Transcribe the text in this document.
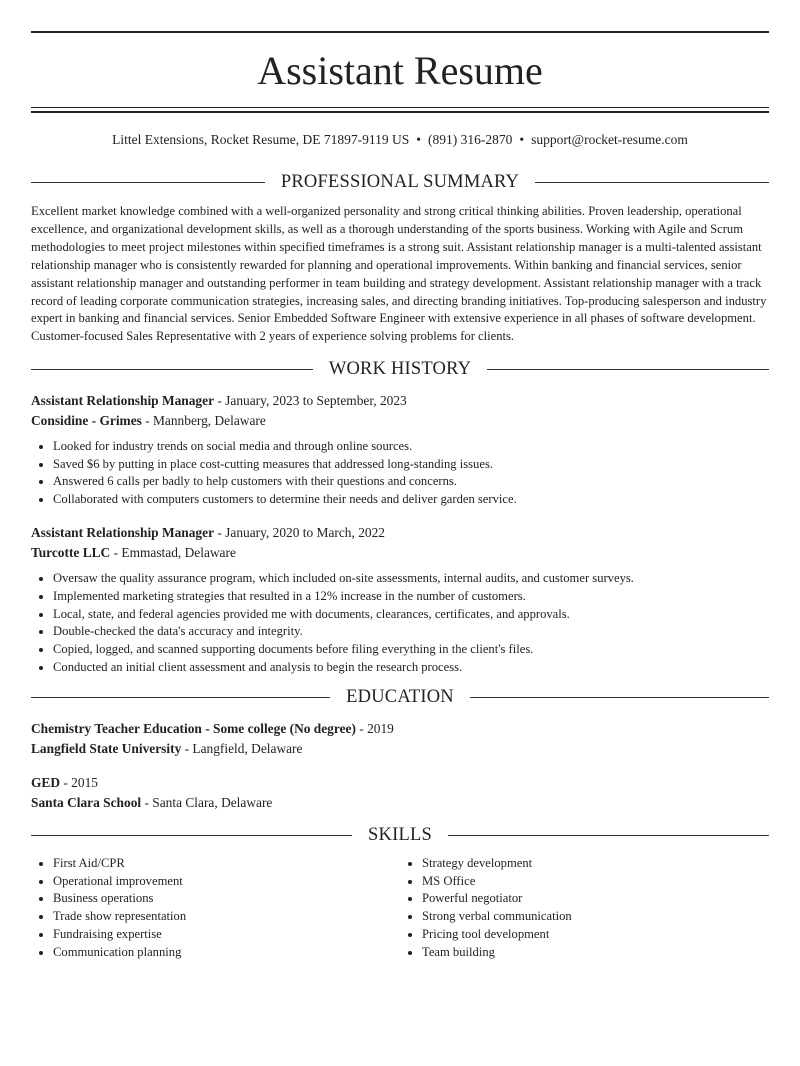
Assistant Resume
Littel Extensions, Rocket Resume, DE 71897-9119 US • (891) 316-2870 • support@rocket-resume.com
PROFESSIONAL SUMMARY

Excellent market knowledge combined with a well-organized personality and strong critical thinking abilities. Proven leadership, operational excellence, and organizational development skills, as well as a thorough understanding of the sports business. Working with Agile and Scrum methodologies to meet project milestones within specified timeframes is a strong suit. Assistant relationship manager is a multi-talented assistant relationship manager who is consistently rewarded for planning and operational improvements. Within banking and financial services, senior assistant relationship manager and outstanding performer in team building and strategy development. Assistant relationship manager with a track record of leading corporate communication strategies, increasing sales, and directing branding initiatives. Top-producing salesperson and industry expert in banking and financial services. Senior Embedded Software Engineer with extensive experience in all phases of software development. Customer-focused Sales Representative with 2 years of experience solving problems for clients.

WORK HISTORY
Assistant Relationship Manager - January, 2023 to September, 2023
Considine - Grimes - Mannberg, Delaware
• Looked for industry trends on social media and through online sources.
• Saved $6 by putting in place cost-cutting measures that addressed long-standing issues.
• Answered 6 calls per badly to help customers with their questions and concerns.
• Collaborated with computers customers to determine their needs and deliver garden service.
Assistant Relationship Manager - January, 2020 to March, 2022
Turcotte LLC - Emmastad, Delaware
• Oversaw the quality assurance program, which included on-site assessments, internal audits, and customer surveys.
• Implemented marketing strategies that resulted in a 12% increase in the number of customers.
• Local, state, and federal agencies provided me with documents, clearances, certificates, and approvals.
• Double-checked the data's accuracy and integrity.
• Copied, logged, and scanned supporting documents before filing everything in the client's files.
• Conducted an initial client assessment and analysis to begin the research process.
EDUCATION
Chemistry Teacher Education - Some college (No degree) - 2019
Langfield State University - Langfield, Delaware
GED - 2015
Santa Clara School - Santa Clara, Delaware
SKILLS
• First Aid/CPR
• Operational improvement
• Business operations
• Trade show representation
• Fundraising expertise
• Communication planning
• Strategy development
• MS Office
• Powerful negotiator
• Strong verbal communication
• Pricing tool development
• Team building
